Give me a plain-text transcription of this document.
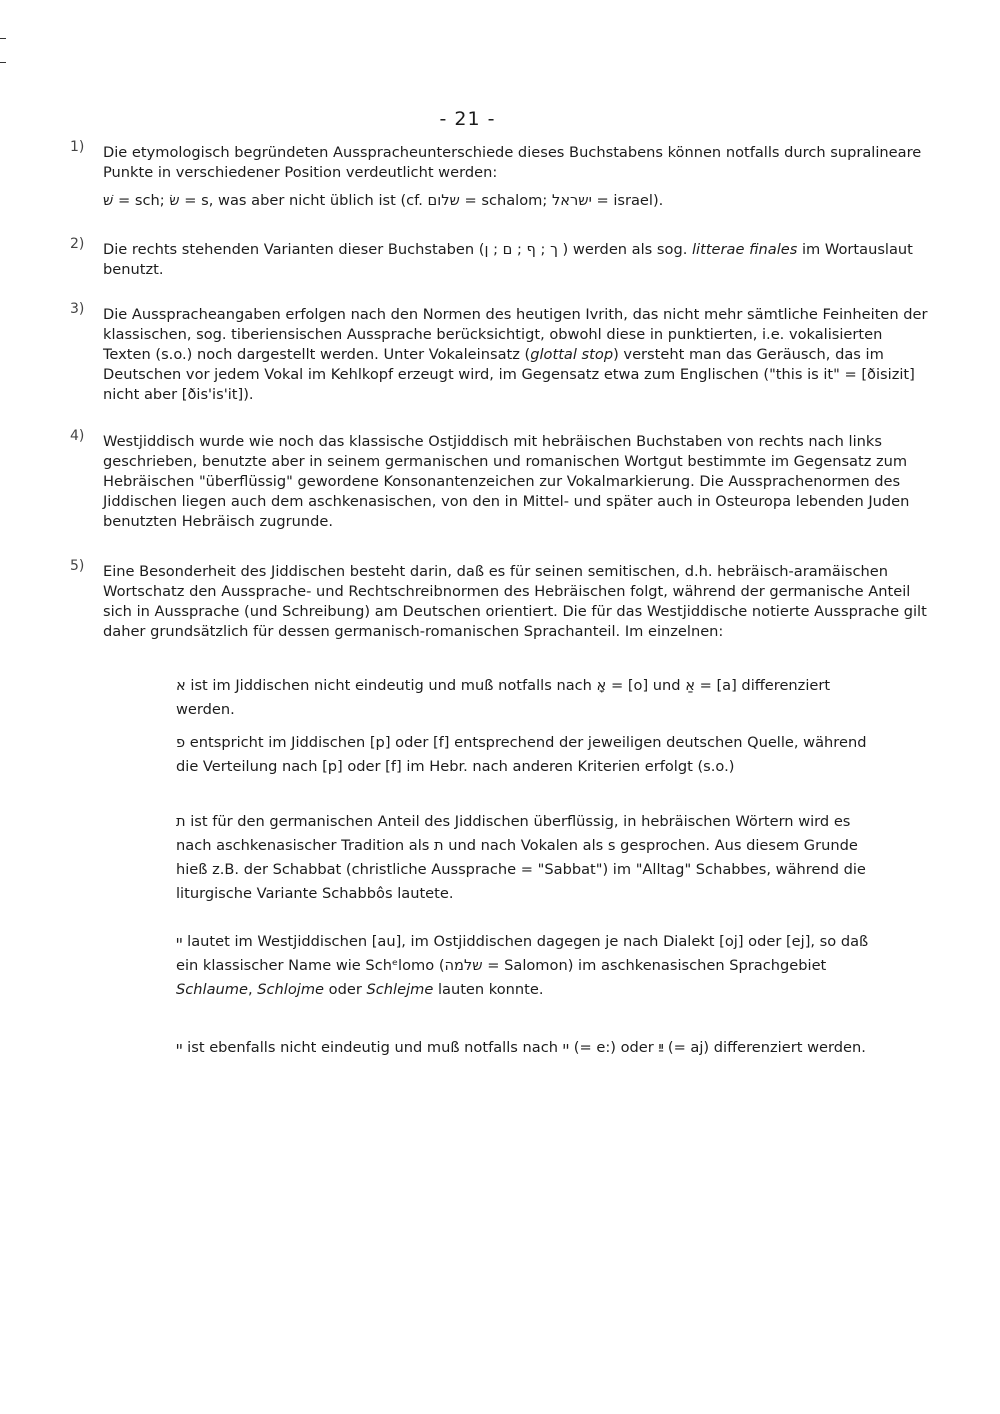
- 21 -
1)	Die etymologisch begründeten Ausspracheunterschiede dieses Buchstabens können notfalls durch supralineare Punkte in verschiedener Position verdeutlicht werden:

שׁ = sch; שׂ = s, was aber nicht üblich ist (cf. שלום = schalom; ישראל = israel).

2)	Die rechts stehenden Varianten dieser Buchstaben (ך ; ף ; ם ; ן ) werden als sog. litterae finales im Wortauslaut benutzt.

3)	Die Ausspracheangaben erfolgen nach den Normen des heutigen Ivrith, das nicht mehr sämtliche Feinheiten der klassischen, sog. tiberiensischen Aussprache berücksichtigt, obwohl diese in punktierten, i.e. vokalisierten Texten (s.o.) noch dargestellt werden. Unter Vokaleinsatz (glottal stop) versteht man das Geräusch, das im Deutschen vor jedem Vokal im Kehlkopf erzeugt wird, im Gegensatz etwa zum Englischen ("this is it" = [ðisizit] nicht aber [ðis'is'it]).

4)	Westjiddisch wurde wie noch das klassische Ostjiddisch mit hebräischen Buchstaben von rechts nach links geschrieben, benutzte aber in seinem germanischen und romanischen Wortgut bestimmte im Gegensatz zum Hebräischen "überflüssig" gewordene Konsonantenzeichen zur Vokalmarkierung. Die Aussprachenormen des Jiddischen liegen auch dem aschkenasischen, von den in Mittel- und später auch in Osteuropa lebenden Juden benutzten Hebräisch zugrunde.

5)	Eine Besonderheit des Jiddischen besteht darin, daß es für seinen semitischen, d.h. hebräisch-aramäischen Wortschatz den Aussprache- und Rechtschreibnormen des Hebräischen folgt, während der germanische Anteil sich in Aussprache (und Schreibung) am Deutschen orientiert. Die für das Westjiddische notierte Aussprache gilt daher grundsätzlich für dessen germanisch-romanischen Sprachanteil. Im einzelnen:

א ist im Jiddischen nicht eindeutig und muß notfalls nach אָ = [o] und אַ = [a] differenziert werden.

פ entspricht im Jiddischen [p] oder [f] entsprechend der jeweiligen deutschen Quelle, während die Verteilung nach [p] oder [f] im Hebr. nach anderen Kriterien erfolgt (s.o.)

ת ist für den germanischen Anteil des Jiddischen überflüssig, in hebräischen Wörtern wird es nach aschkenasischer Tradition als ת und nach Vokalen als s gesprochen. Aus diesem Grunde hieß z.B. der Schabbat (christliche Aussprache = "Sabbat") im "Alltag" Schabbes, während die liturgische Variante Schabbôs lautete.

יי lautet im Westjiddischen [au], im Ostjiddischen dagegen je nach Dialekt [oj] oder [ej], so daß ein klassischer Name wie Schᵉlomo (שלמה = Salomon) im aschkenasischen Sprachgebiet Schlaume, Schlojme oder Schlejme lauten konnte.

יי ist ebenfalls nicht eindeutig und muß notfalls nach יי (= e:) oder ײַ (= aj) differenziert werden.
